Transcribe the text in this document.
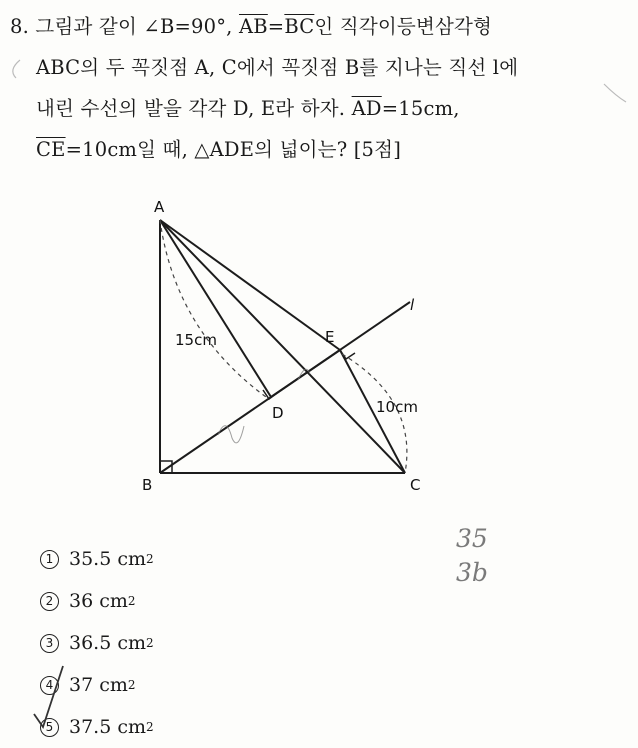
8. 그림과 같이 ∠B=90°, $\overline{AB}=\overline{BC}$인 직각이등변삼각형
ABC의 두 꼭짓점 A, C에서 꼭짓점 B를 지나는 직선 l에
내린 수선의 발을 각각 D, E라 하자. $\overline{AD}=15cm$,
$\overline{CE}=10cm$일 때, △ADE의 넓이는? [5점]
A
B	C
D
E
l
15cm
10cm
1 35.5
cm 2
2 36
cm 2
3 36.5
cm 2
4 37
cm 2
5 37.5
cm 2
35
3b
